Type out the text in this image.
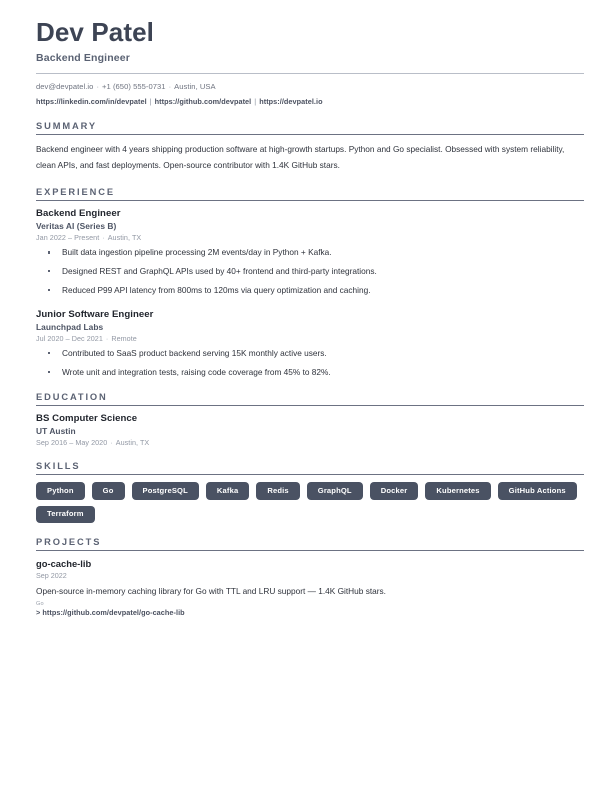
Dev Patel
Backend Engineer
dev@devpatel.io · +1 (650) 555-0731 · Austin, USA
https://linkedin.com/in/devpatel | https://github.com/devpatel | https://devpatel.io
SUMMARY

Backend engineer with 4 years shipping production software at high-growth startups. Python and Go specialist. Obsessed with system reliability, clean APIs, and fast deployments. Open-source contributor with 1.4K GitHub stars.

EXPERIENCE
Backend Engineer
Veritas AI (Series B)
Jan 2022 – Present · Austin, TX
Built data ingestion pipeline processing 2M events/day in Python + Kafka.
Designed REST and GraphQL APIs used by 40+ frontend and third-party integrations.
Reduced P99 API latency from 800ms to 120ms via query optimization and caching.
Junior Software Engineer
Launchpad Labs
Jul 2020 – Dec 2021 · Remote
Contributed to SaaS product backend serving 15K monthly active users.
Wrote unit and integration tests, raising code coverage from 45% to 82%.
EDUCATION
BS Computer Science
UT Austin
Sep 2016 – May 2020 · Austin, TX
SKILLS
Python	Go	PostgreSQL	Kafka	Redis	GraphQL	Docker	Kubernetes	GitHub Actions
Terraform
PROJECTS
go-cache-lib
Sep 2022
Open-source in-memory caching library for Go with TTL and LRU support — 1.4K GitHub stars.
Go
> https://github.com/devpatel/go-cache-lib
